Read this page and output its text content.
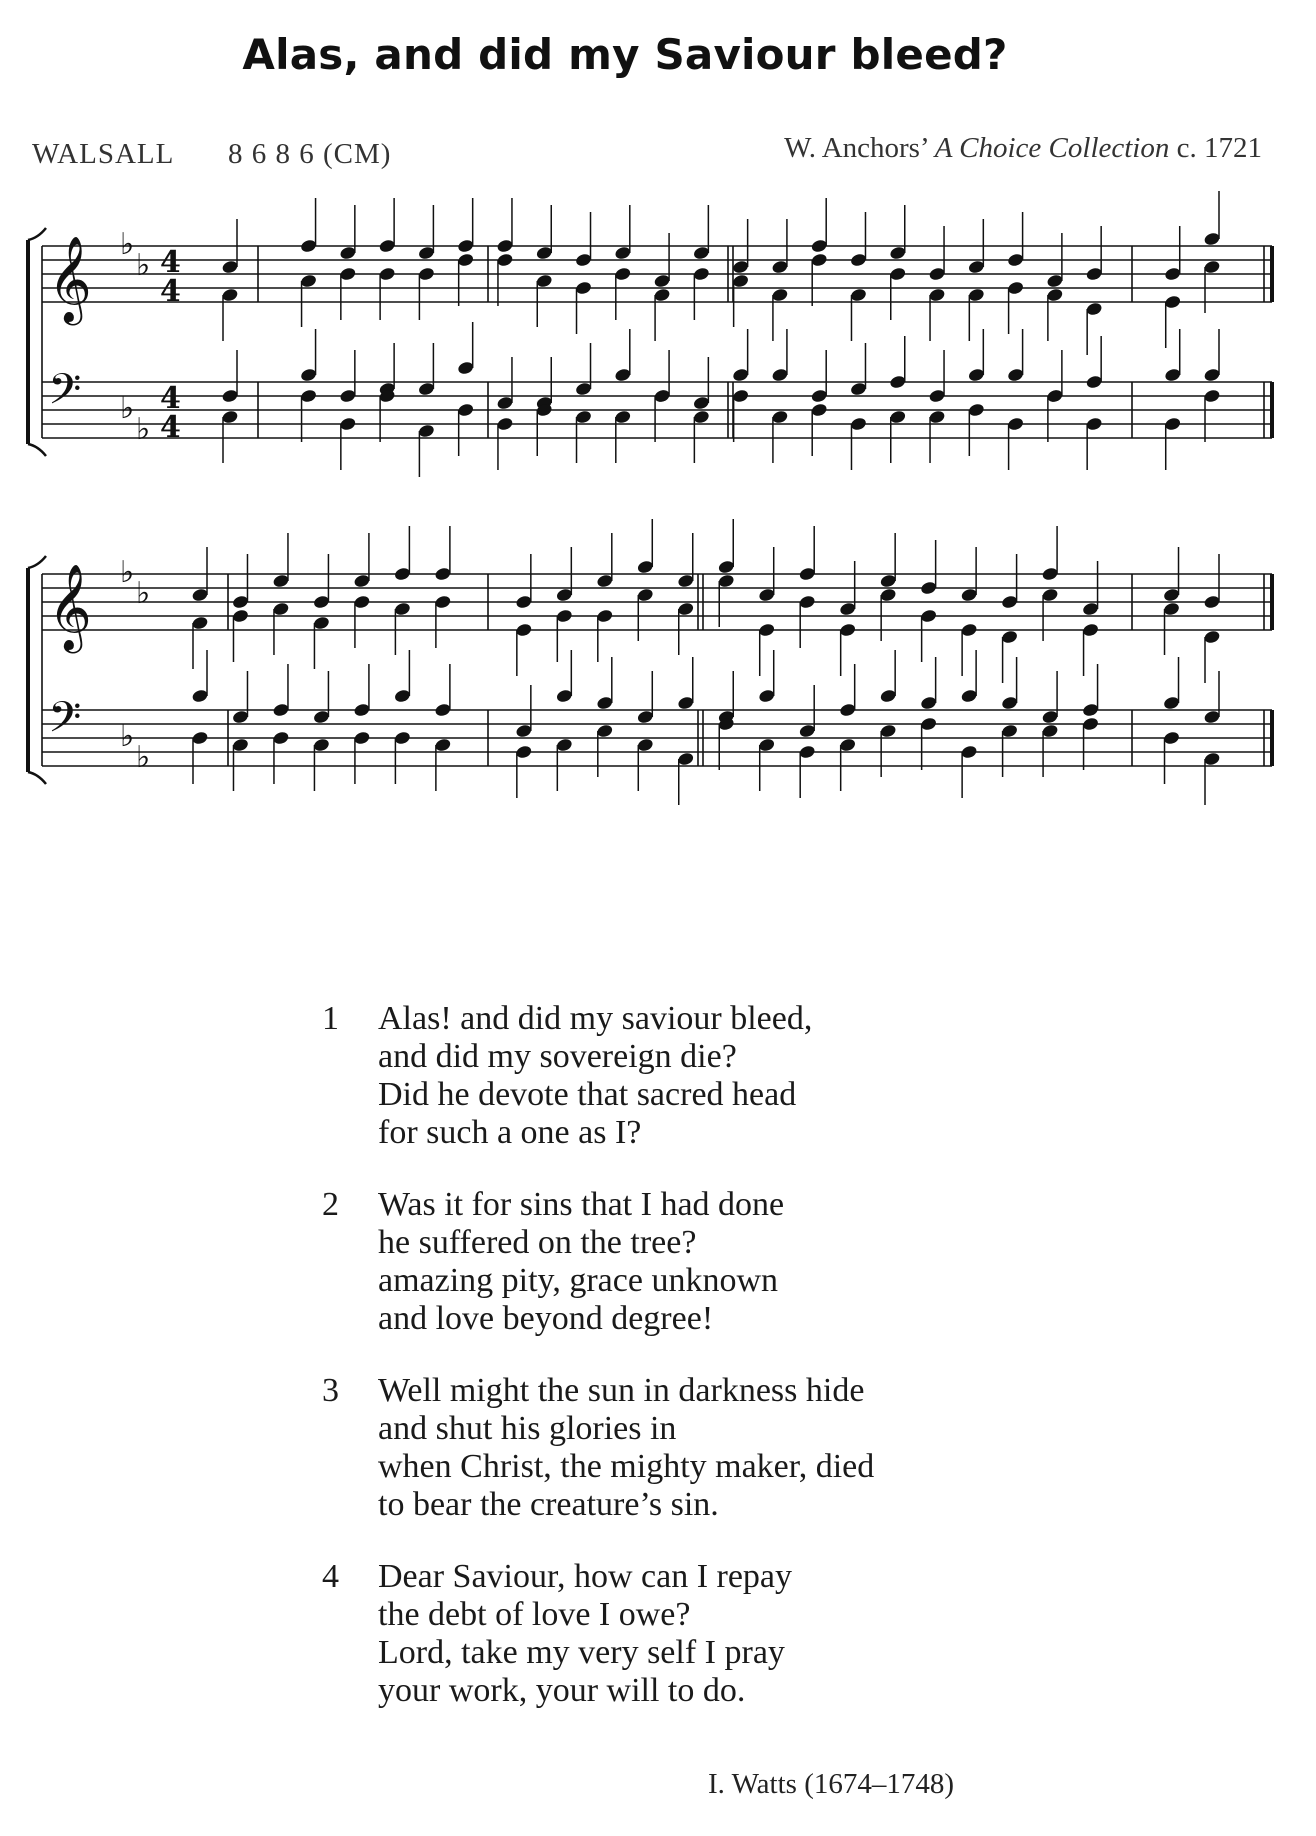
Alas, and did my Saviour bleed?
WALSALL 8 6 8 6 (CM)	W. Anchors’ A Choice Collection c. 1721
𝄞 ♭
♭ 4
4
𝄢 ♭
♭
4
4
𝄞 ♭
♭
𝄢 ♭
♭
1 Alas! and did my saviour bleed,
and did my sovereign die?
Did he devote that sacred head
for such a one as I?
2 Was it for sins that I had done
he suffered on the tree?
amazing pity, grace unknown
and love beyond degree!
3 Well might the sun in darkness hide
and shut his glories in
when Christ, the mighty maker, died
to bear the creature’s sin.
4 Dear Saviour, how can I repay
the debt of love I owe?
Lord, take my very self I pray
your work, your will to do.
I. Watts (1674–1748)
